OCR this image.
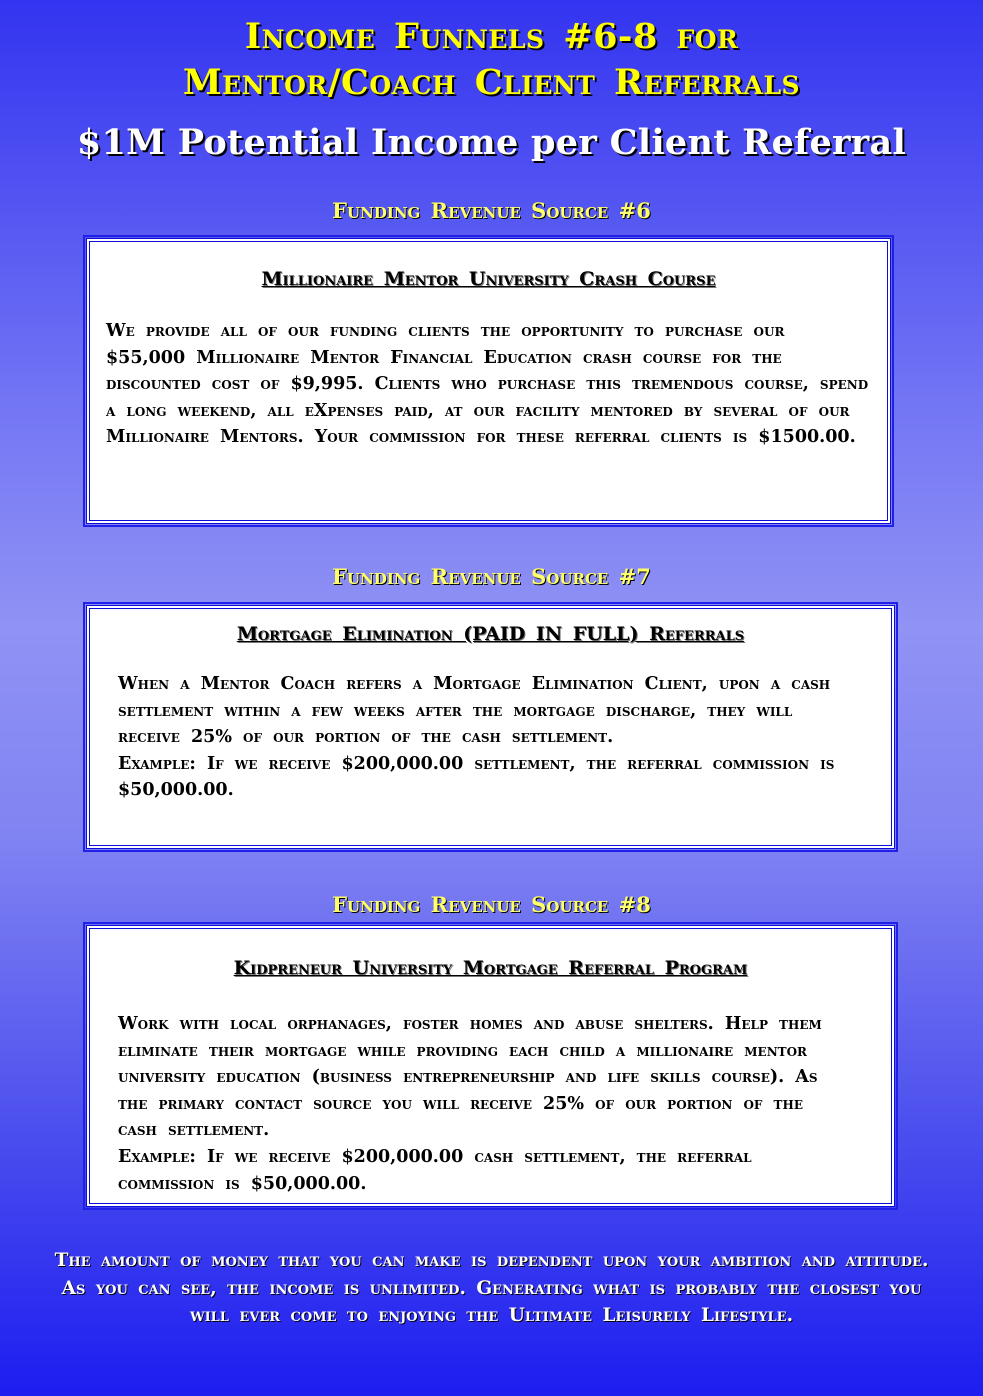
Income Funnels #6-8 for
Mentor/Coach Client Referrals
$1M Potential Income per Client Referral
Funding Revenue Source #6
Millionaire Mentor University Crash Course

We provide all of our funding clients the opportunity to purchase our $55,000 Millionaire Mentor Financial Education crash course for the discounted cost of $9,995. Clients who purchase this tremendous course, spend a long weekend, all eXpenses paid, at our facility mentored by several of our Millionaire Mentors. Your commission for these referral clients is $1500.00.

Funding Revenue Source #7
Mortgage Elimination (PAID IN FULL) Referrals

When a Mentor Coach refers a Mortgage Elimination Client, upon a cash settlement within a few weeks after the mortgage discharge, they will receive 25% of our portion of the cash settlement.

Example: If we receive $200,000.00 settlement, the referral commission is $50,000.00.

Funding Revenue Source #8
Kidpreneur University Mortgage Referral Program

Work with local orphanages, foster homes and abuse shelters. Help them eliminate their mortgage while providing each child a millionaire mentor university education (business entrepreneurship and life skills course). As the primary contact source you will receive 25% of our portion of the cash settlement.

Example: If we receive $200,000.00 cash settlement, the referral commission is $50,000.00.

The amount of money that you can make is dependent upon your ambition and attitude. As you can see, the income is unlimited. Generating what is probably the closest you will ever come to enjoying the Ultimate Leisurely Lifestyle.
